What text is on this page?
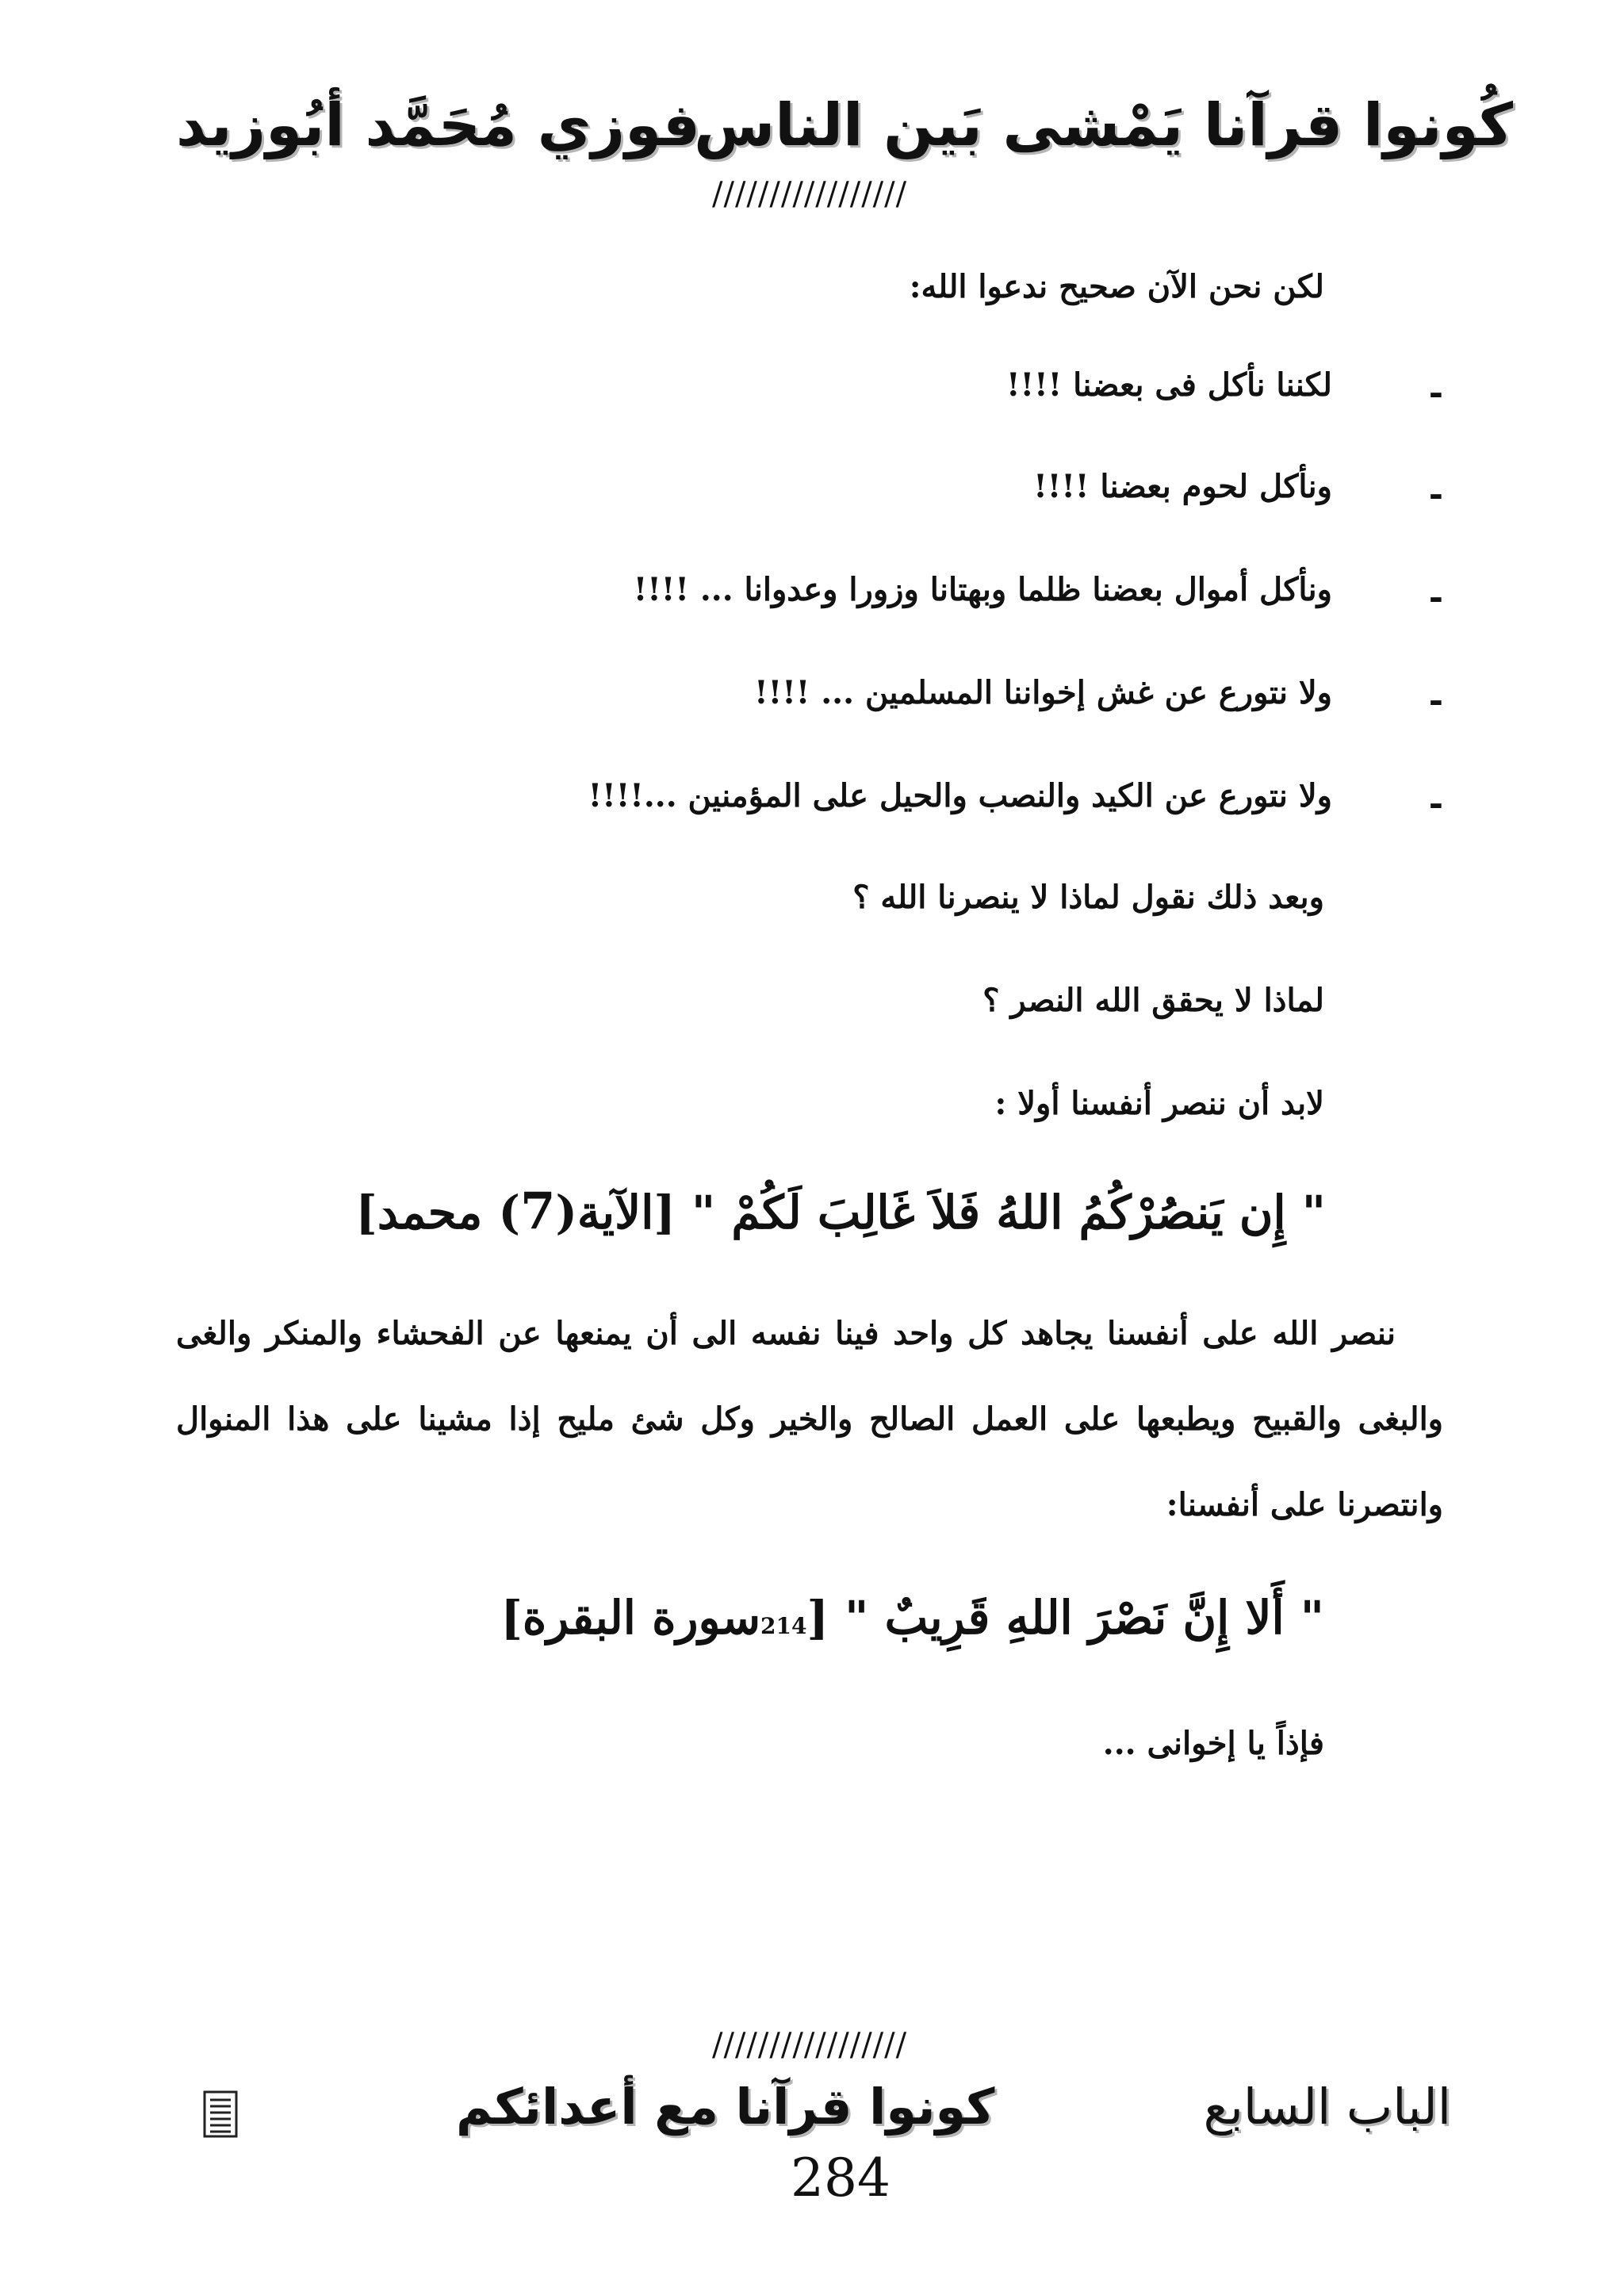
كُونوا قرآنا يَمْشى بَين الناس
فوزي مُحَمَّد أبُوزيد
/////////////////
لكن نحن الآن صحيح ندعوا الله:
-
لكننا نأكل فى بعضنا !!!!
-
ونأكل لحوم بعضنا !!!!
-
ونأكل أموال بعضنا ظلما وبهتانا وزورا وعدوانا ... !!!!
-
ولا نتورع عن غش إخواننا المسلمين ... !!!!
-
ولا نتورع عن الكيد والنصب والحيل على المؤمنين ...!!!!
وبعد ذلك نقول لماذا لا ينصرنا الله ؟
لماذا لا يحقق الله النصر ؟
لابد أن ننصر أنفسنا أولا :
" إِن يَنصُرْكُمُ اللهُ فَلاَ غَالِبَ لَكُمْ " [الآية(7) محمد]
ننصر الله على أنفسنا يجاهد كل واحد فينا نفسه الى أن يمنعها عن الفحشاء والمنكر والغى والبغى والقبيح ويطبعها على العمل الصالح والخير وكل شئ مليح إذا مشينا على هذا المنوال وانتصرنا على أنفسنا:
" أَلا إِنَّ نَصْرَ اللهِ قَرِيبٌ " [214سورة البقرة]
فإذاً يا إخوانى ...
/////////////////
الباب السابع
كونوا قرآنا مع أعدائكم
284
